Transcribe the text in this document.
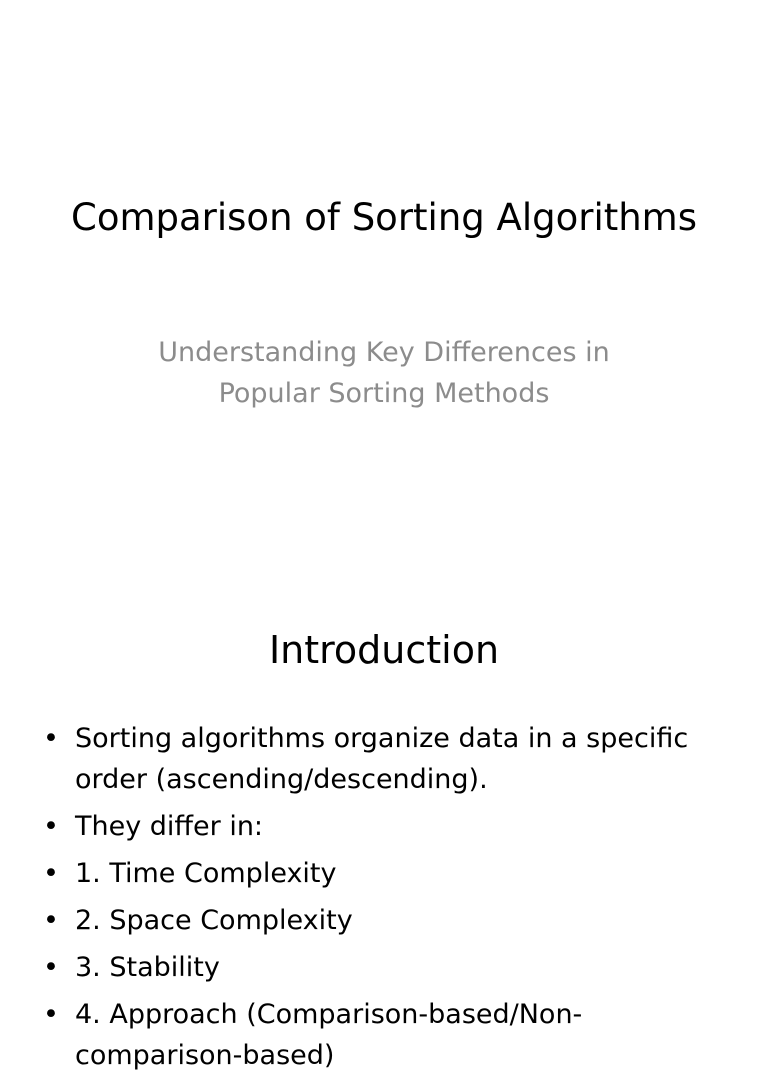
Comparison of Sorting Algorithms
Understanding Key Differences in Popular Sorting Methods
Introduction
• Sorting algorithms organize data in a specific order (ascending/descending).
• They differ in:
• 1. Time Complexity
• 2. Space Complexity
• 3. Stability
• 4. Approach (Comparison-based/Non-comparison-based)
